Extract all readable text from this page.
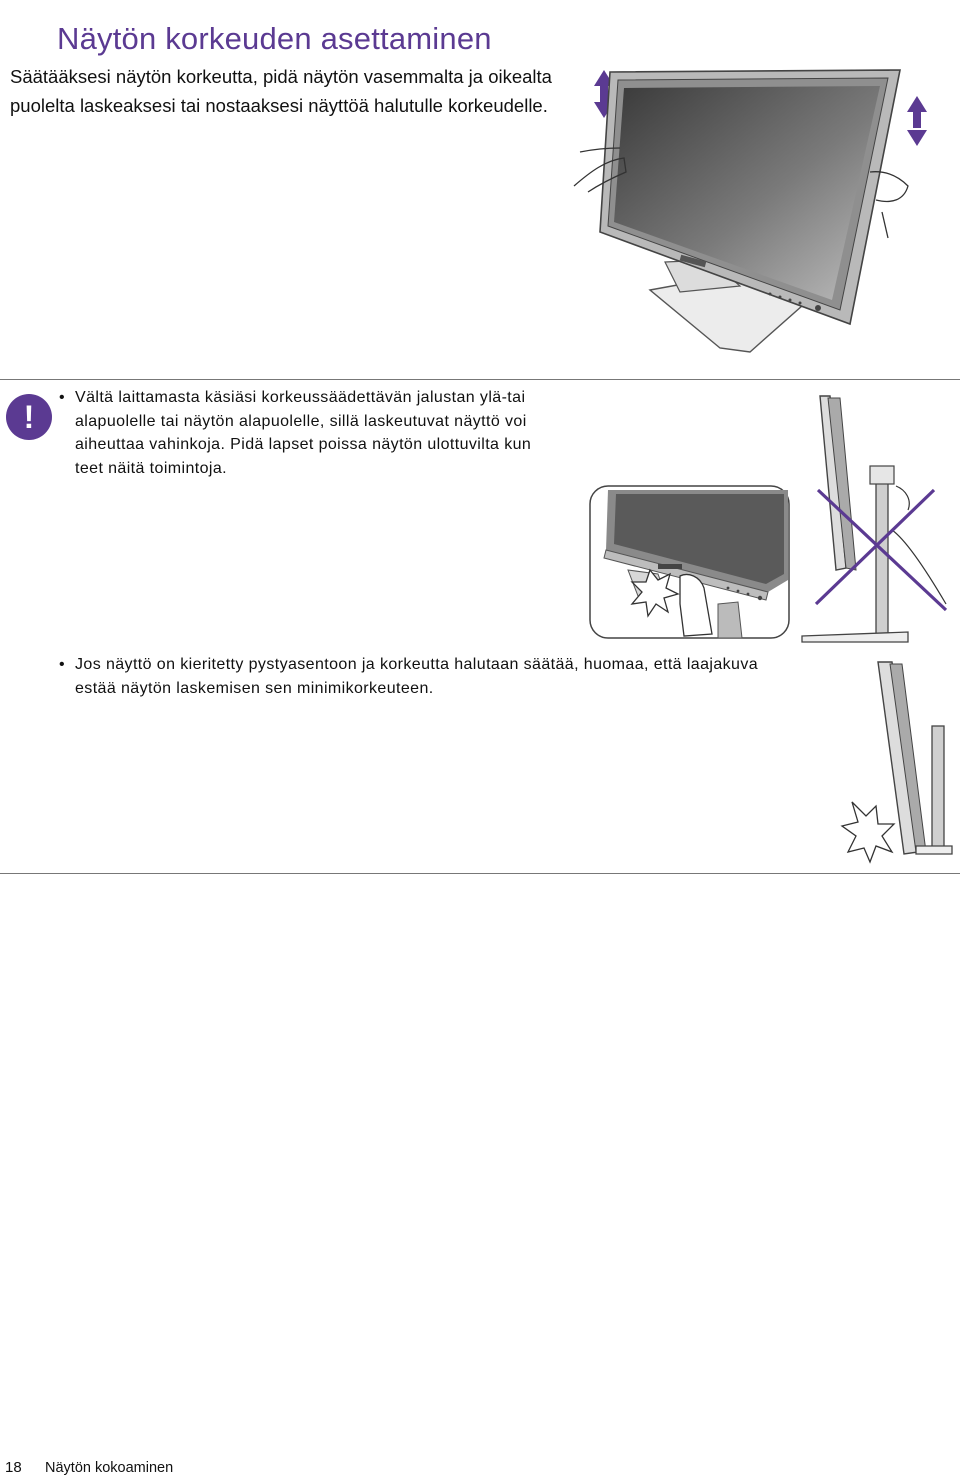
Näytön korkeuden asettaminen
Säätääksesi näytön korkeutta, pidä näytön vasemmalta ja oikealta puolelta laskeaksesi tai nostaaksesi näyttöä halutulle korkeudelle.
!
• Vältä laittamasta käsiäsi korkeussäädettävän jalustan ylä-tai
alapuolelle tai näytön alapuolelle, sillä laskeutuvat näyttö voi
aiheuttaa vahinkoja. Pidä lapset poissa näytön ulottuvilta kun
teet näitä toimintoja.
• Jos näyttö on kieritetty pystyasentoon ja korkeutta halutaan säätää, huomaa, että laajakuva
estää näytön laskemisen sen minimikorkeuteen.
18 Näytön kokoaminen
